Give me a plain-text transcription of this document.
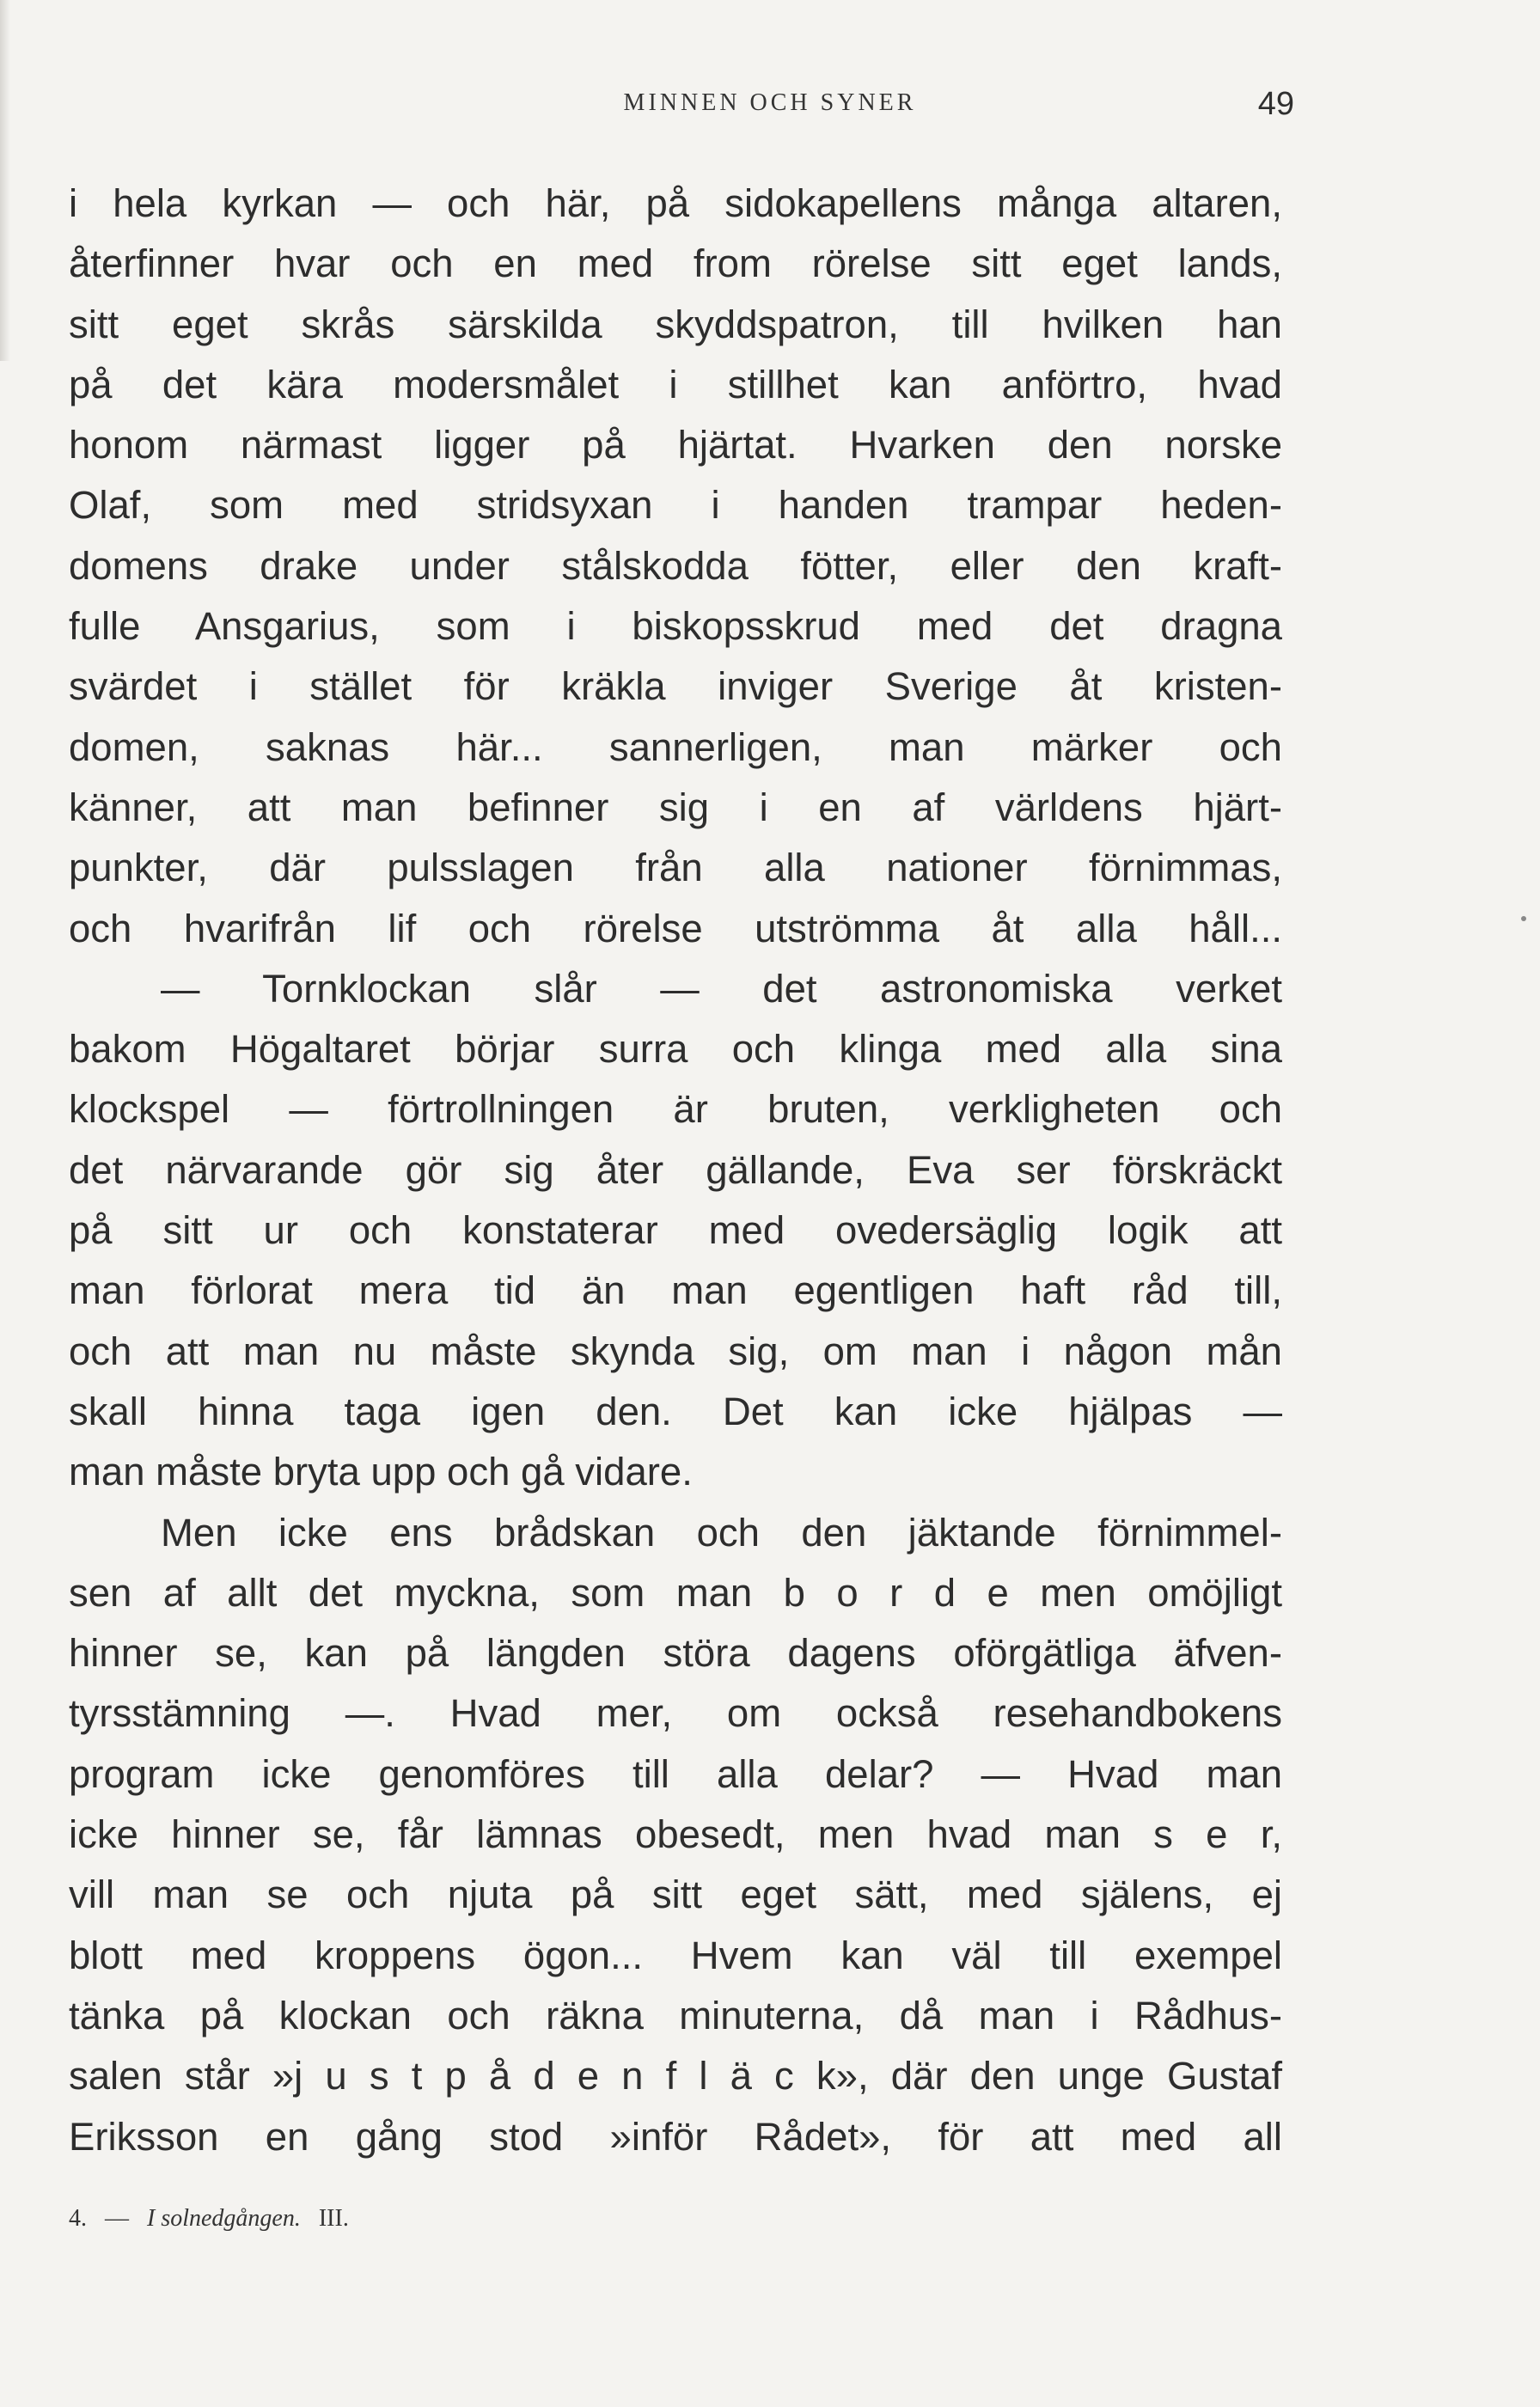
MINNEN OCH SYNER	49
i hela kyrkan — och här, på sidokapellens många altaren,
återfinner hvar och en med from rörelse sitt eget lands,
sitt eget skrås särskilda skyddspatron, till hvilken han
på det kära modersmålet i stillhet kan anförtro, hvad
honom närmast ligger på hjärtat. Hvarken den norske
Olaf, som med stridsyxan i handen trampar heden-
domens drake under stålskodda fötter, eller den kraft-
fulle Ansgarius, som i biskopsskrud med det dragna
svärdet i stället för kräkla inviger Sverige åt kristen-
domen, saknas här... sannerligen, man märker och
känner, att man befinner sig i en af världens hjärt-
punkter, där pulsslagen från alla nationer förnimmas,
och hvarifrån lif och rörelse utströmma åt alla håll...
— Tornklockan slår — det astronomiska verket
bakom Högaltaret börjar surra och klinga med alla sina
klockspel — förtrollningen är bruten, verkligheten och
det närvarande gör sig åter gällande, Eva ser förskräckt
på sitt ur och konstaterar med ovedersäglig logik att
man förlorat mera tid än man egentligen haft råd till,
och att man nu måste skynda sig, om man i någon mån
skall hinna taga igen den. Det kan icke hjälpas —
man måste bryta upp och gå vidare.
Men icke ens brådskan och den jäktande förnimmel-
sen af allt det myckna, som man b o r d e men omöjligt
hinner se, kan på längden störa dagens oförgätliga äfven-
tyrsstämning —. Hvad mer, om också resehandbokens
program icke genomföres till alla delar? — Hvad man
icke hinner se, får lämnas obesedt, men hvad man s e r,
vill man se och njuta på sitt eget sätt, med själens, ej
blott med kroppens ögon... Hvem kan väl till exempel
tänka på klockan och räkna minuterna, då man i Rådhus-
salen står »j u s t p å d e n f l ä c k», där den unge Gustaf
Eriksson en gång stod »inför Rådet», för att med all
4. — I solnedgången. III.
